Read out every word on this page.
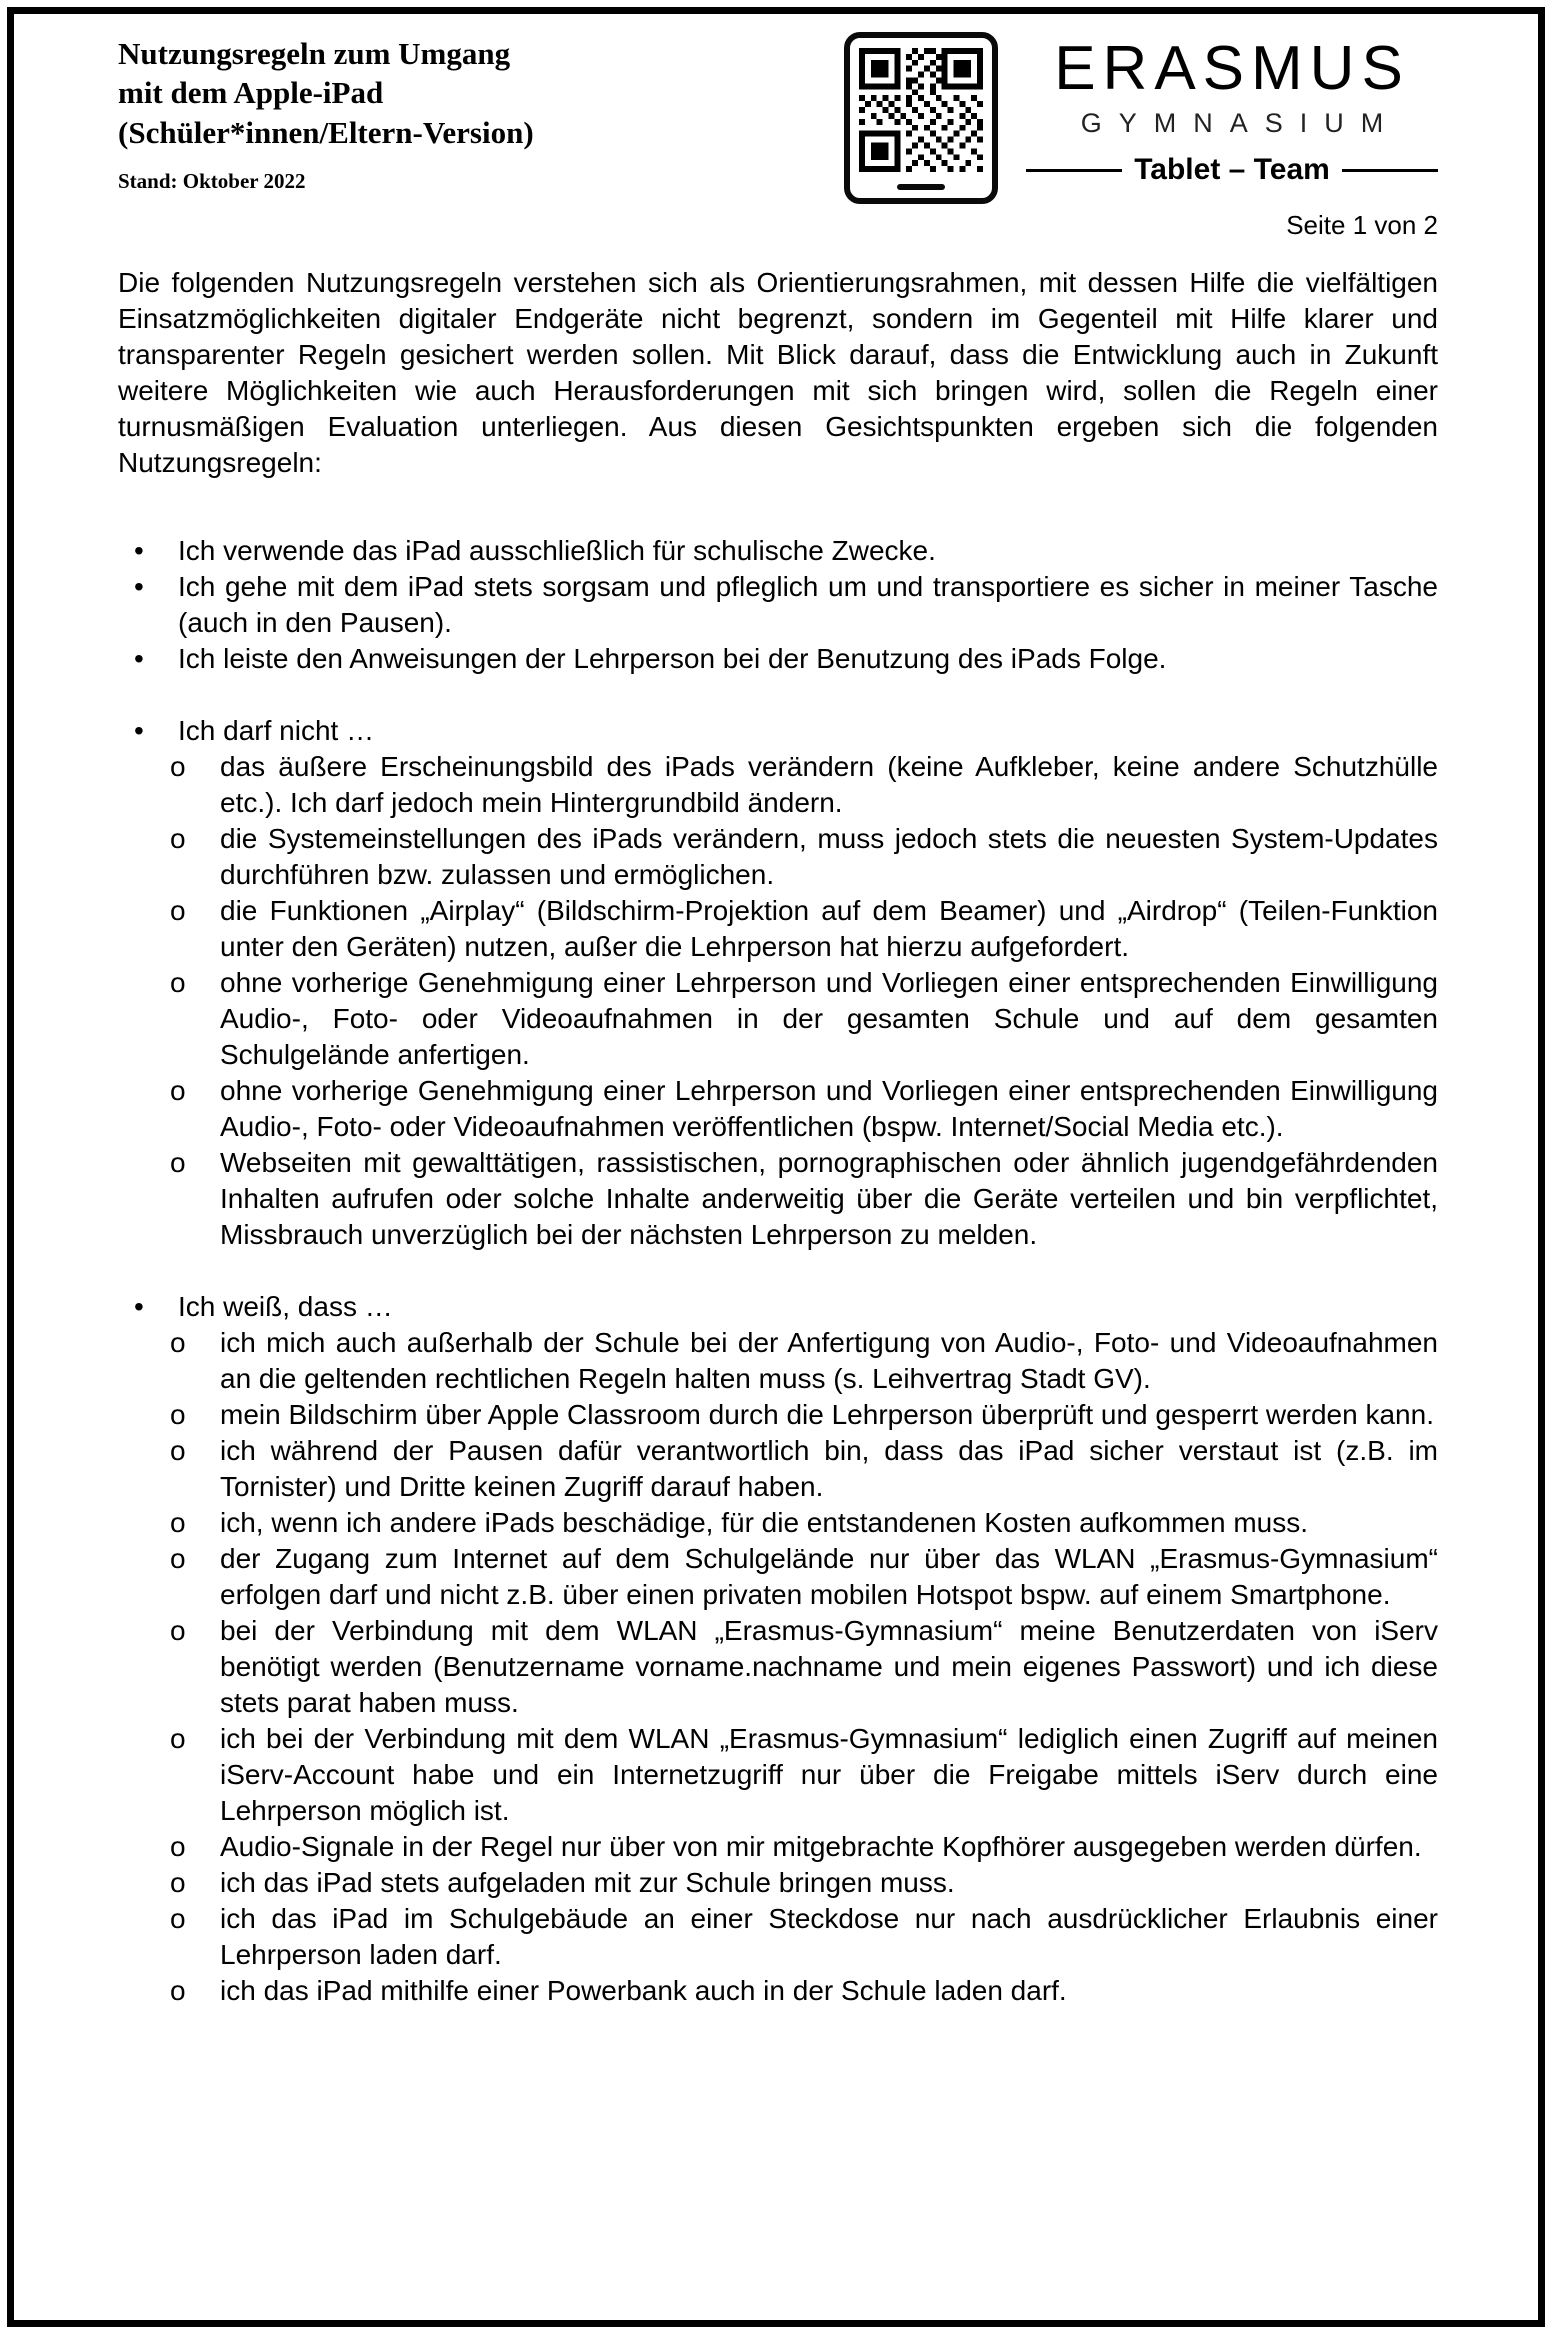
Nutzungsregeln zum Umgang
mit dem Apple-iPad
(Schüler*innen/Eltern-Version)
Stand: Oktober 2022
ERASMUS
GYMNASIUM
Tablet – Team
Seite 1 von 2

Die folgenden Nutzungsregeln verstehen sich als Orientierungsrahmen, mit dessen Hilfe die vielfältigen Einsatzmöglichkeiten digitaler Endgeräte nicht begrenzt, sondern im Gegenteil mit Hilfe klarer und transparenter Regeln gesichert werden sollen. Mit Blick darauf, dass die Entwicklung auch in Zukunft weitere Möglichkeiten wie auch Herausforderungen mit sich bringen wird, sollen die Regeln einer turnusmäßigen Evaluation unterliegen. Aus diesen Gesichtspunkten ergeben sich die folgenden Nutzungsregeln:

•	Ich verwende das iPad ausschließlich für schulische Zwecke.
•	Ich gehe mit dem iPad stets sorgsam und pfleglich um und transportiere es sicher in meiner Tasche (auch in den Pausen).
•	Ich leiste den Anweisungen der Lehrperson bei der Benutzung des iPads Folge.
•	Ich darf nicht …
o	das äußere Erscheinungsbild des iPads verändern (keine Aufkleber, keine andere Schutzhülle etc.). Ich darf jedoch mein Hintergrundbild ändern.
o	die Systemeinstellungen des iPads verändern, muss jedoch stets die neuesten System-Updates durchführen bzw. zulassen und ermöglichen.
o	die Funktionen „Airplay“ (Bildschirm-Projektion auf dem Beamer) und „Airdrop“ (Teilen-Funktion unter den Geräten) nutzen, außer die Lehrperson hat hierzu aufgefordert.
o	ohne vorherige Genehmigung einer Lehrperson und Vorliegen einer entsprechenden Einwilligung Audio-, Foto- oder Videoaufnahmen in der gesamten Schule und auf dem gesamten Schulgelände anfertigen.
o	ohne vorherige Genehmigung einer Lehrperson und Vorliegen einer entsprechenden Einwilligung Audio-, Foto- oder Videoaufnahmen veröffentlichen (bspw. Internet/Social Media etc.).
o	Webseiten mit gewalttätigen, rassistischen, pornographischen oder ähnlich jugendgefährdenden Inhalten aufrufen oder solche Inhalte anderweitig über die Geräte verteilen und bin verpflichtet, Missbrauch unverzüglich bei der nächsten Lehrperson zu melden.
•	Ich weiß, dass …
o	ich mich auch außerhalb der Schule bei der Anfertigung von Audio-, Foto- und Videoaufnahmen an die geltenden rechtlichen Regeln halten muss (s. Leihvertrag Stadt GV).
o	mein Bildschirm über Apple Classroom durch die Lehrperson überprüft und gesperrt werden kann.
o	ich während der Pausen dafür verantwortlich bin, dass das iPad sicher verstaut ist (z.B. im Tornister) und Dritte keinen Zugriff darauf haben.
o	ich, wenn ich andere iPads beschädige, für die entstandenen Kosten aufkommen muss.
o	der Zugang zum Internet auf dem Schulgelände nur über das WLAN „Erasmus-Gymnasium“ erfolgen darf und nicht z.B. über einen privaten mobilen Hotspot bspw. auf einem Smartphone.
o	bei der Verbindung mit dem WLAN „Erasmus-Gymnasium“ meine Benutzerdaten von iServ benötigt werden (Benutzername vorname.nachname und mein eigenes Passwort) und ich diese stets parat haben muss.
o	ich bei der Verbindung mit dem WLAN „Erasmus-Gymnasium“ lediglich einen Zugriff auf meinen iServ-Account habe und ein Internetzugriff nur über die Freigabe mittels iServ durch eine Lehrperson möglich ist.
o	Audio-Signale in der Regel nur über von mir mitgebrachte Kopfhörer ausgegeben werden dürfen.
o	ich das iPad stets aufgeladen mit zur Schule bringen muss.
o	ich das iPad im Schulgebäude an einer Steckdose nur nach ausdrücklicher Erlaubnis einer Lehrperson laden darf.
o	ich das iPad mithilfe einer Powerbank auch in der Schule laden darf.
